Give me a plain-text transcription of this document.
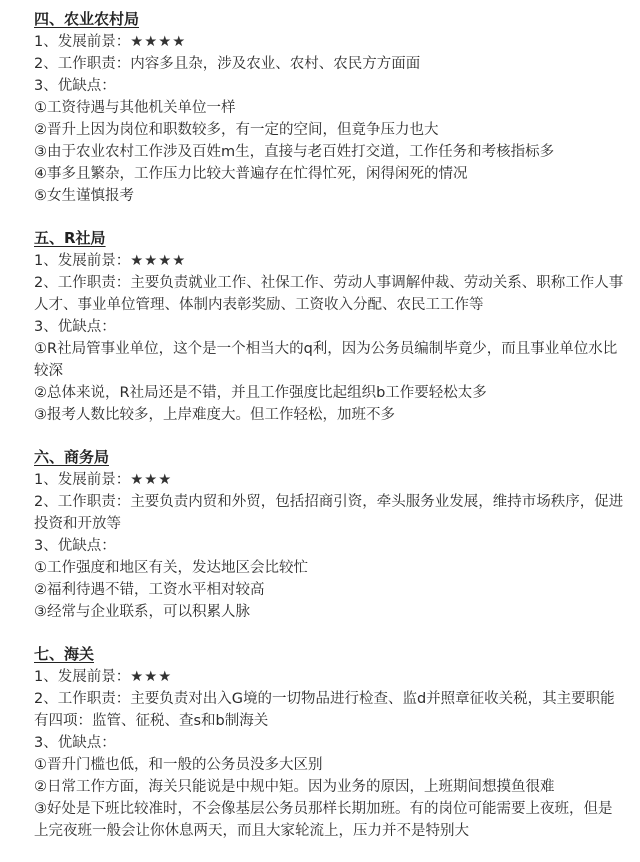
四、农业农村局
1、发展前景：★★★★
2、工作职责：内容多且杂，涉及农业、农村、农民方方面面
3、优缺点：
①工资待遇与其他机关单位一样
②晋升上因为岗位和职数较多，有一定的空间，但竟争压力也大
③由于农业农村工作涉及百姓m生，直接与老百姓打交道，工作任务和考核指标多
④事多且繁杂，工作压力比较大普遍存在忙得忙死，闲得闲死的情况
⑤女生谨慎报考
五、R社局
1、发展前景：★★★★
2、工作职责：主要负责就业工作、社保工作、劳动人事调解仲裁、劳动关系、职称工作人事人才、事业单位管理、体制内表彰奖励、工资收入分配、农民工工作等
3、优缺点：
①R社局管事业单位，这个是一个相当大的q利，因为公务员编制毕竟少，而且事业单位水比较深
②总体来说，R社局还是不错，并且工作强度比起组织b工作要轻松太多
③报考人数比较多，上岸难度大。但工作轻松，加班不多
六、商务局
1、发展前景：★★★
2、工作职责：主要负责内贸和外贸，包括招商引资，牵头服务业发展，维持市场秩序，促进投资和开放等
3、优缺点：
①工作强度和地区有关，发达地区会比较忙
②福利待遇不错，工资水平相对较高
③经常与企业联系，可以积累人脉
七、海关
1、发展前景：★★★
2、工作职责：主要负责对出入G境的一切物品进行检查、监d并照章征收关税，其主要职能有四项：监管、征税、查s和b制海关
3、优缺点：
①晋升门槛也低，和一般的公务员没多大区别
②日常工作方面，海关只能说是中规中矩。因为业务的原因，上班期间想摸鱼很难
③好处是下班比较准时，不会像基层公务员那样长期加班。有的岗位可能需要上夜班，但是上完夜班一般会让你休息两天，而且大家轮流上，压力并不是特别大
